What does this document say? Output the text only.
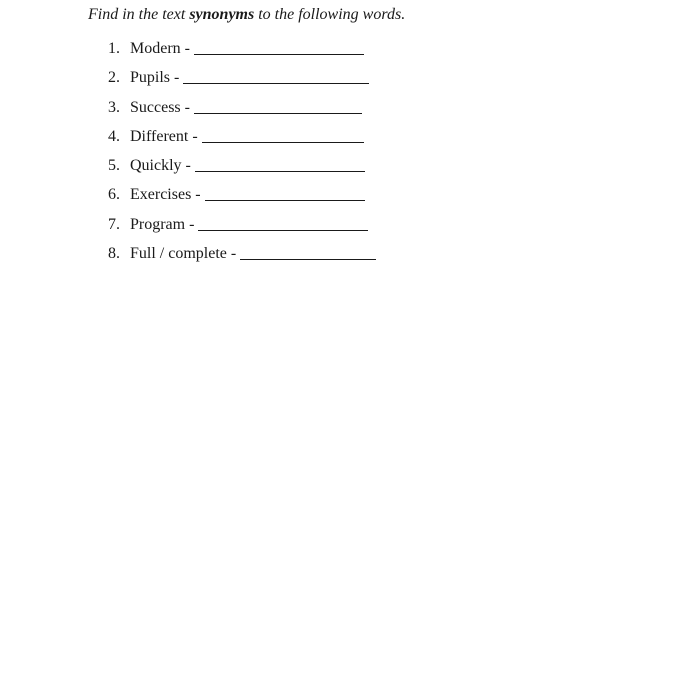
Find in the text synonyms to the following words.
1. Modern -
2. Pupils -
3. Success -
4. Different -
5. Quickly -
6. Exercises -
7. Program -
8. Full / complete -
